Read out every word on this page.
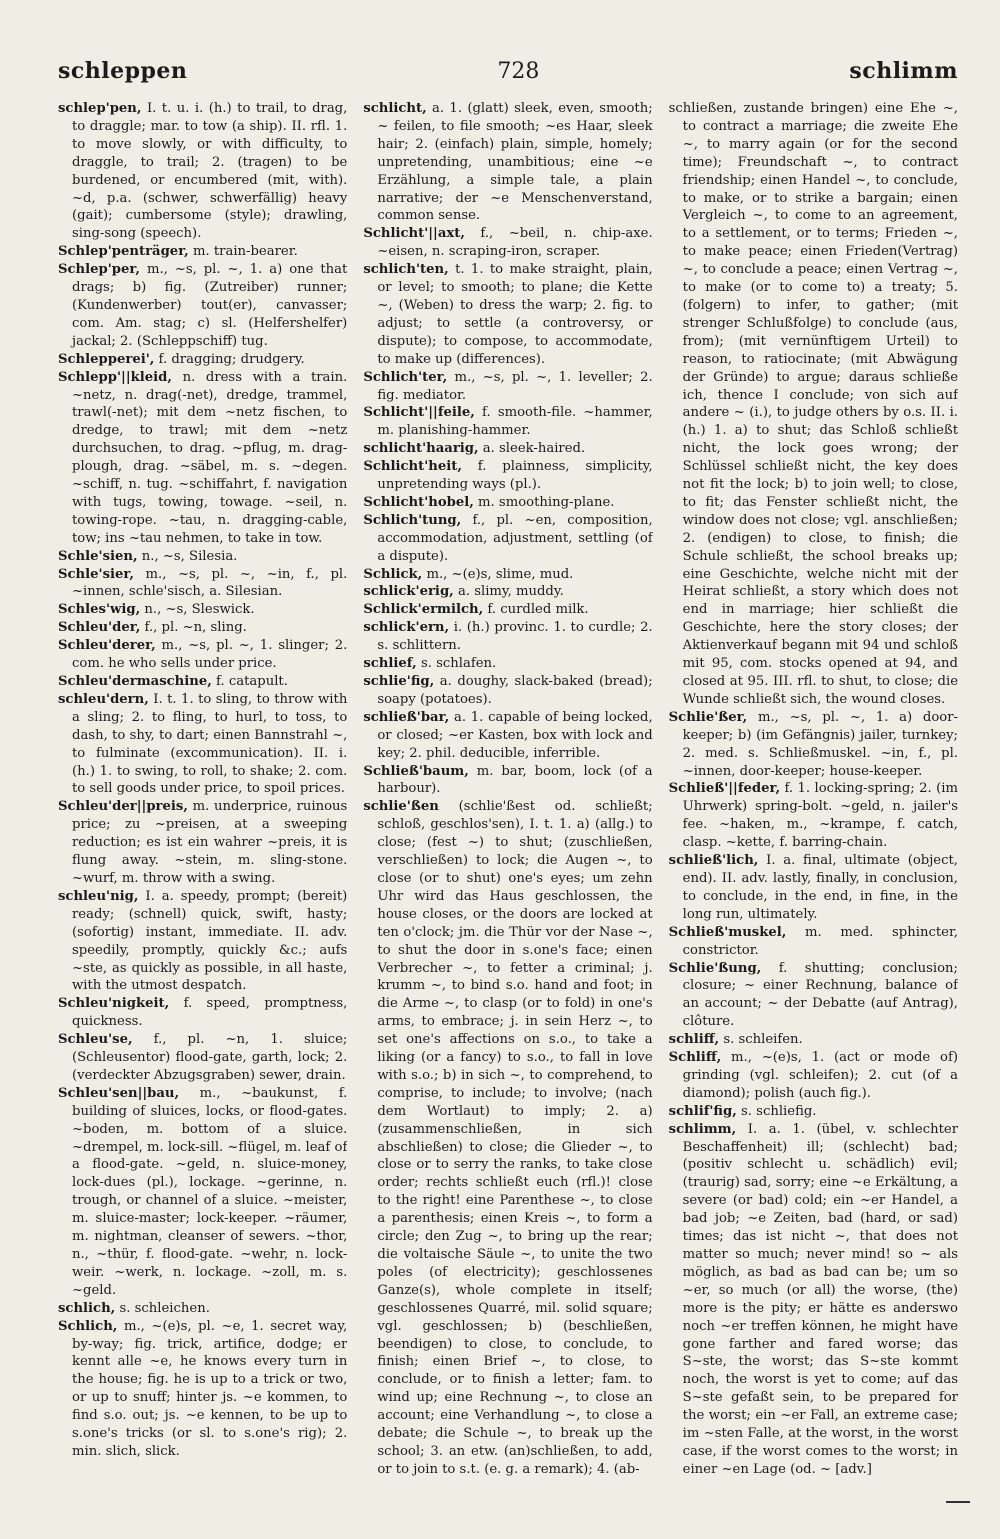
schleppen	728	schlimm

schlep'pen, I. t. u. i. (h.) to trail, to drag, to draggle; mar. to tow (a ship). II. rfl. 1. to move slowly, or with difficulty, to draggle, to trail; 2. (tragen) to be burdened, or encumbered (mit, with). ~d, p.a. (schwer, schwerfällig) heavy (gait); cumbersome (style); drawling, sing-song (speech).

Schlep'penträger, m. train-bearer.

Schlep'per, m., ~s, pl. ~, 1. a) one that drags; b) fig. (Zutreiber) runner; (Kundenwerber) tout(er), canvasser; com. Am. stag; c) sl. (Helfershelfer) jackal; 2. (Schleppschiff) tug.

Schlepperei', f. dragging; drudgery.

Schlepp'||kleid, n. dress with a train. ~netz, n. drag(-net), dredge, trammel, trawl(-net); mit dem ~netz fischen, to dredge, to trawl; mit dem ~netz durchsuchen, to drag. ~pflug, m. drag-plough, drag. ~säbel, m. s. ~degen. ~schiff, n. tug. ~schiffahrt, f. navigation with tugs, towing, towage. ~seil, n. towing-rope. ~tau, n. dragging-cable, tow; ins ~tau nehmen, to take in tow.

Schle'sien, n., ~s, Silesia.

Schle'sier, m., ~s, pl. ~, ~in, f., pl. ~innen, schle'sisch, a. Silesian.

Schles'wig, n., ~s, Sleswick.

Schleu'der, f., pl. ~n, sling.

Schleu'derer, m., ~s, pl. ~, 1. slinger; 2. com. he who sells under price.

Schleu'dermaschine, f. catapult.

schleu'dern, I. t. 1. to sling, to throw with a sling; 2. to fling, to hurl, to toss, to dash, to shy, to dart; einen Bannstrahl ~, to fulminate (excommunication). II. i. (h.) 1. to swing, to roll, to shake; 2. com. to sell goods under price, to spoil prices.

Schleu'der||preis, m. underprice, ruinous price; zu ~preisen, at a sweeping reduction; es ist ein wahrer ~preis, it is flung away. ~stein, m. sling-stone. ~wurf, m. throw with a swing.

schleu'nig, I. a. speedy, prompt; (bereit) ready; (schnell) quick, swift, hasty; (sofortig) instant, immediate. II. adv. speedily, promptly, quickly &c.; aufs ~ste, as quickly as possible, in all haste, with the utmost despatch.

Schleu'nigkeit, f. speed, promptness, quickness.

Schleu'se, f., pl. ~n, 1. sluice; (Schleusentor) flood-gate, garth, lock; 2. (verdeckter Abzugsgraben) sewer, drain.

Schleu'sen||bau, m., ~baukunst, f. building of sluices, locks, or flood-gates. ~boden, m. bottom of a sluice. ~drempel, m. lock-sill. ~flügel, m. leaf of a flood-gate. ~geld, n. sluice-money, lock-dues (pl.), lockage. ~gerinne, n. trough, or channel of a sluice. ~meister, m. sluice-master; lock-keeper. ~räumer, m. nightman, cleanser of sewers. ~thor, n., ~thür, f. flood-gate. ~wehr, n. lock-weir. ~werk, n. lockage. ~zoll, m. s. ~geld.

schlich, s. schleichen.

Schlich, m., ~(e)s, pl. ~e, 1. secret way, by-way; fig. trick, artifice, dodge; er kennt alle ~e, he knows every turn in the house; fig. he is up to a trick or two, or up to snuff; hinter js. ~e kommen, to find s.o. out; js. ~e kennen, to be up to s.one's tricks (or sl. to s.one's rig); 2. min. slich, slick.

schlicht, a. 1. (glatt) sleek, even, smooth; ~ feilen, to file smooth; ~es Haar, sleek hair; 2. (einfach) plain, simple, homely; unpretending, unambitious; eine ~e Erzählung, a simple tale, a plain narrative; der ~e Menschenverstand, common sense.

Schlicht'||axt, f., ~beil, n. chip-axe. ~eisen, n. scraping-iron, scraper.

schlich'ten, t. 1. to make straight, plain, or level; to smooth; to plane; die Kette ~, (Weben) to dress the warp; 2. fig. to adjust; to settle (a controversy, or dispute); to compose, to accommodate, to make up (differences).

Schlich'ter, m., ~s, pl. ~, 1. leveller; 2. fig. mediator.

Schlicht'||feile, f. smooth-file. ~hammer, m. planishing-hammer.

schlicht'haarig, a. sleek-haired.

Schlicht'heit, f. plainness, simplicity, unpretending ways (pl.).

Schlicht'hobel, m. smoothing-plane.

Schlich'tung, f., pl. ~en, composition, accommodation, adjustment, settling (of a dispute).

Schlick, m., ~(e)s, slime, mud.

schlick'erig, a. slimy, muddy.

Schlick'ermilch, f. curdled milk.

schlick'ern, i. (h.) provinc. 1. to curdle; 2. s. schlittern.

schlief, s. schlafen.

schlie'fig, a. doughy, slack-baked (bread); soapy (potatoes).

schließ'bar, a. 1. capable of being locked, or closed; ~er Kasten, box with lock and key; 2. phil. deducible, inferrible.

Schließ'baum, m. bar, boom, lock (of a harbour).

schlie'ßen (schlie'ßest od. schließt; schloß, geschlos'sen), I. t. 1. a) (allg.) to close; (fest ~) to shut; (zuschließen, verschließen) to lock; die Augen ~, to close (or to shut) one's eyes; um zehn Uhr wird das Haus geschlossen, the house closes, or the doors are locked at ten o'clock; jm. die Thür vor der Nase ~, to shut the door in s.one's face; einen Verbrecher ~, to fetter a criminal; j. krumm ~, to bind s.o. hand and foot; in die Arme ~, to clasp (or to fold) in one's arms, to embrace; j. in sein Herz ~, to set one's affections on s.o., to take a liking (or a fancy) to s.o., to fall in love with s.o.; b) in sich ~, to comprehend, to comprise, to include; to involve; (nach dem Wortlaut) to imply; 2. a) (zusammenschließen, in sich abschließen) to close; die Glieder ~, to close or to serry the ranks, to take close order; rechts schließt euch (rfl.)! close to the right! eine Parenthese ~, to close a parenthesis; einen Kreis ~, to form a circle; den Zug ~, to bring up the rear; die voltaische Säule ~, to unite the two poles (of electricity); geschlossenes Ganze(s), whole complete in itself; geschlossenes Quarré, mil. solid square; vgl. geschlossen; b) (beschließen, beendigen) to close, to conclude, to finish; einen Brief ~, to close, to conclude, or to finish a letter; fam. to wind up; eine Rechnung ~, to close an account; eine Verhandlung ~, to close a debate; die Schule ~, to break up the school; 3. an etw. (an)schließen, to add, or to join to s.t. (e. g. a remark); 4. (ab-

schließen, zustande bringen) eine Ehe ~, to contract a marriage; die zweite Ehe ~, to marry again (or for the second time); Freundschaft ~, to contract friendship; einen Handel ~, to conclude, to make, or to strike a bargain; einen Vergleich ~, to come to an agreement, to a settlement, or to terms; Frieden ~, to make peace; einen Frieden(Vertrag) ~, to conclude a peace; einen Vertrag ~, to make (or to come to) a treaty; 5. (folgern) to infer, to gather; (mit strenger Schlußfolge) to conclude (aus, from); (mit vernünftigem Urteil) to reason, to ratiocinate; (mit Abwägung der Gründe) to argue; daraus schließe ich, thence I conclude; von sich auf andere ~ (i.), to judge others by o.s. II. i. (h.) 1. a) to shut; das Schloß schließt nicht, the lock goes wrong; der Schlüssel schließt nicht, the key does not fit the lock; b) to join well; to close, to fit; das Fenster schließt nicht, the window does not close; vgl. anschließen; 2. (endigen) to close, to finish; die Schule schließt, the school breaks up; eine Geschichte, welche nicht mit der Heirat schließt, a story which does not end in marriage; hier schließt die Geschichte, here the story closes; der Aktienverkauf begann mit 94 und schloß mit 95, com. stocks opened at 94, and closed at 95. III. rfl. to shut, to close; die Wunde schließt sich, the wound closes.

Schlie'ßer, m., ~s, pl. ~, 1. a) door-keeper; b) (im Gefängnis) jailer, turnkey; 2. med. s. Schließmuskel. ~in, f., pl. ~innen, door-keeper; house-keeper.

Schließ'||feder, f. 1. locking-spring; 2. (im Uhrwerk) spring-bolt. ~geld, n. jailer's fee. ~haken, m., ~krampe, f. catch, clasp. ~kette, f. barring-chain.

schließ'lich, I. a. final, ultimate (object, end). II. adv. lastly, finally, in conclusion, to conclude, in the end, in fine, in the long run, ultimately.

Schließ'muskel, m. med. sphincter, constrictor.

Schlie'ßung, f. shutting; conclusion; closure; ~ einer Rechnung, balance of an account; ~ der Debatte (auf Antrag), clôture.

schliff, s. schleifen.

Schliff, m., ~(e)s, 1. (act or mode of) grinding (vgl. schleifen); 2. cut (of a diamond); polish (auch fig.).

schlif'fig, s. schliefig.

schlimm, I. a. 1. (übel, v. schlechter Beschaffenheit) ill; (schlecht) bad; (positiv schlecht u. schädlich) evil; (traurig) sad, sorry; eine ~e Erkältung, a severe (or bad) cold; ein ~er Handel, a bad job; ~e Zeiten, bad (hard, or sad) times; das ist nicht ~, that does not matter so much; never mind! so ~ als möglich, as bad as bad can be; um so ~er, so much (or all) the worse, (the) more is the pity; er hätte es anderswo noch ~er treffen können, he might have gone farther and fared worse; das S~ste, the worst; das S~ste kommt noch, the worst is yet to come; auf das S~ste gefaßt sein, to be prepared for the worst; ein ~er Fall, an extreme case; im ~sten Falle, at the worst, in the worst case, if the worst comes to the worst; in einer ~en Lage (od. ~ [adv.]
